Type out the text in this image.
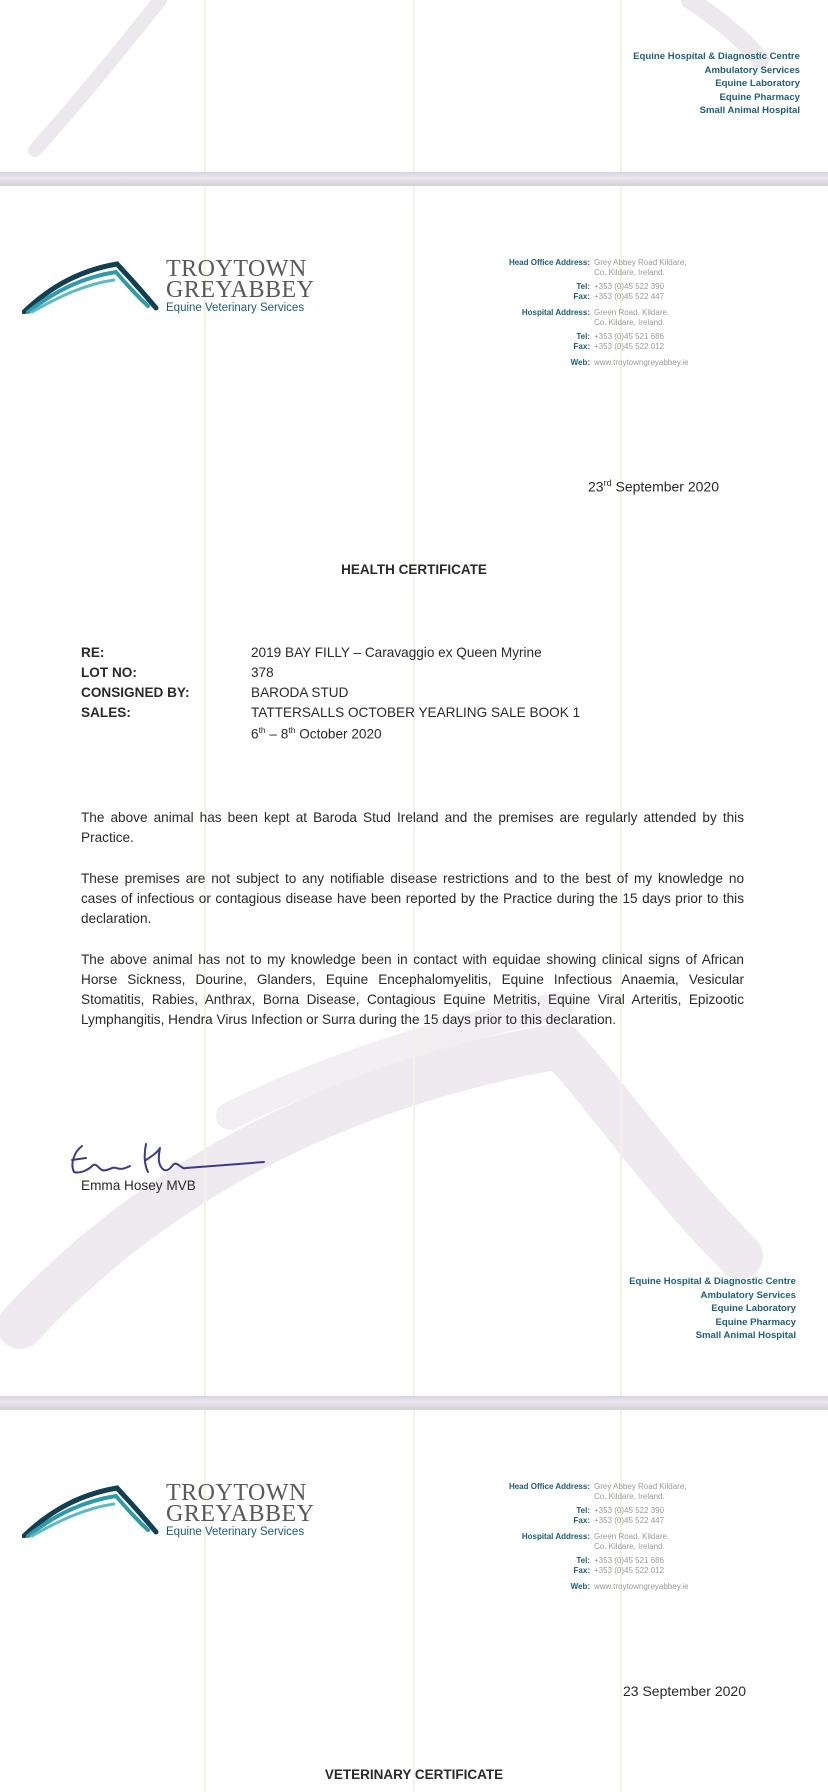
Equine Hospital & Diagnostic Centre
Ambulatory Services
Equine Laboratory
Equine Pharmacy
Small Animal Hospital
TROYTOWN
GREYABBEY
Equine Veterinary Services
Head Office Address: Grey Abbey Road Kildare,
Co. Kildare, Ireland.
Tel: +353 (0)45 522 390
Fax: +353 (0)45 522 447
Hospital Address: Green Road, Kildare,
Co. Kildare, Ireland.
Tel: +353 (0)45 521 686
Fax: +353 (0)45 522 012
Web: www.troytowngreyabbey.ie
23rd September 2020
HEALTH CERTIFICATE
RE:	2019 BAY FILLY – Caravaggio ex Queen Myrine
LOT NO:	378
CONSIGNED BY:	BARODA STUD
SALES:	TATTERSALLS OCTOBER YEARLING SALE BOOK 1
6th – 8th October 2020
The above animal has been kept at Baroda Stud Ireland and the premises are regularly attended by this Practice.
These premises are not subject to any notifiable disease restrictions and to the best of my knowledge no cases of infectious or contagious disease have been reported by the Practice during the 15 days prior to this declaration.
The above animal has not to my knowledge been in contact with equidae showing clinical signs of African Horse Sickness, Dourine, Glanders, Equine Encephalomyelitis, Equine Infectious Anaemia, Vesicular Stomatitis, Rabies, Anthrax, Borna Disease, Contagious Equine Metritis, Equine Viral Arteritis, Epizootic Lymphangitis, Hendra Virus Infection or Surra during the 15 days prior to this declaration.
Emma Hosey MVB
Equine Hospital & Diagnostic Centre
Ambulatory Services
Equine Laboratory
Equine Pharmacy
Small Animal Hospital
TROYTOWN
GREYABBEY
Equine Veterinary Services
Head Office Address: Grey Abbey Road Kildare,
Co. Kildare, Ireland.
Tel: +353 (0)45 522 390
Fax: +353 (0)45 522 447
Hospital Address: Green Road, Kildare,
Co. Kildare, Ireland.
Tel: +353 (0)45 521 686
Fax: +353 (0)45 522 012
Web: www.troytowngreyabbey.ie
23 September 2020
VETERINARY CERTIFICATE
